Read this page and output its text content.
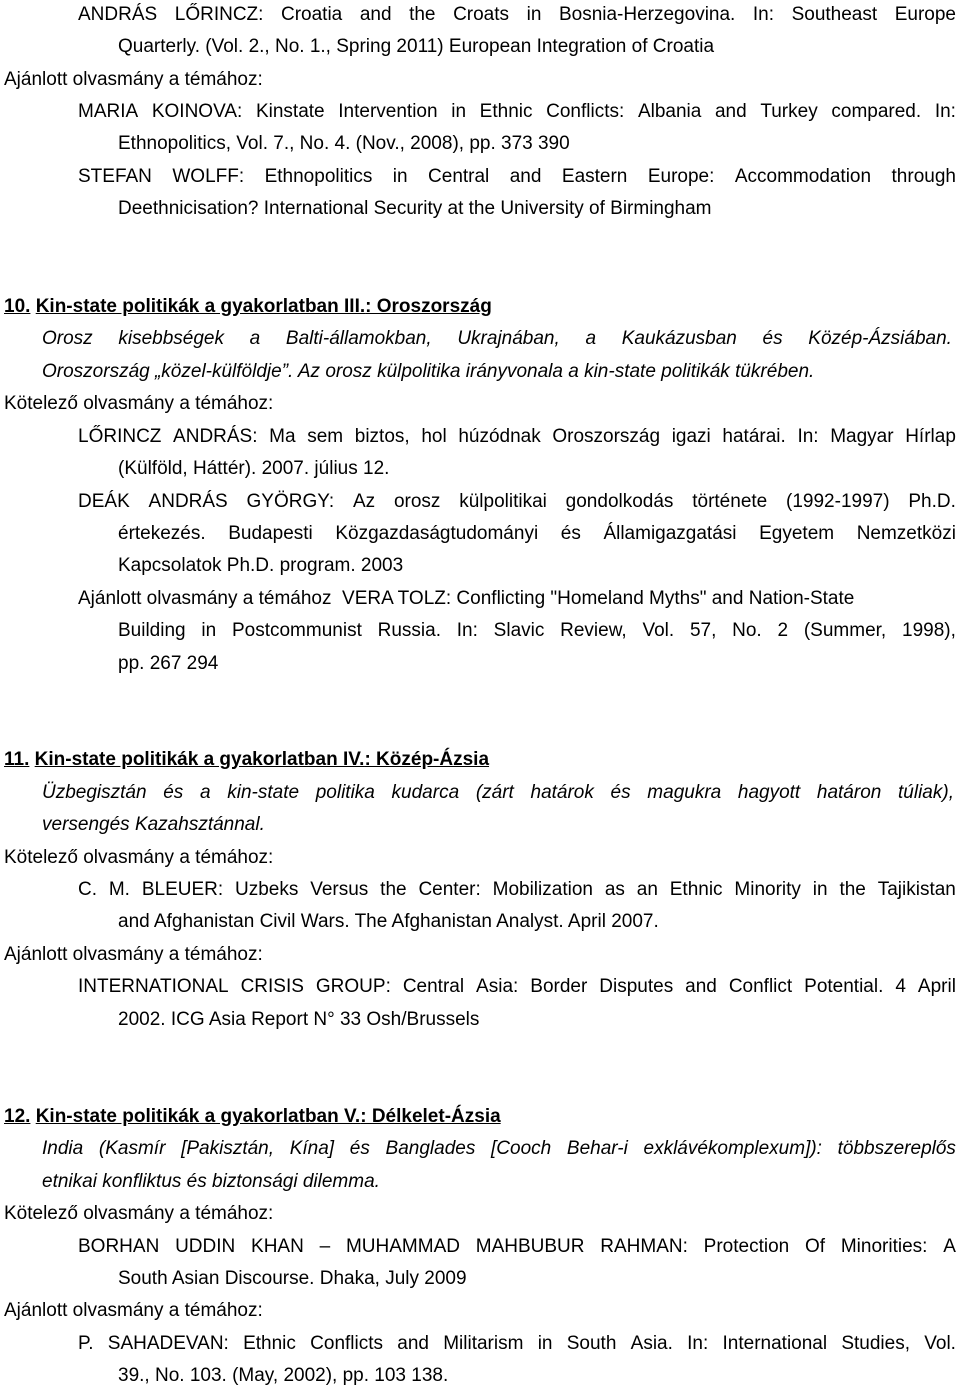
ANDRÁS LŐRINCZ: Croatia and the Croats in Bosnia-Herzegovina. In: Southeast Europe
Quarterly. (Vol. 2., No. 1., Spring 2011) European Integration of Croatia
Ajánlott olvasmány a témához:
MARIA KOINOVA: Kinstate Intervention in Ethnic Conflicts: Albania and Turkey compared. In:
Ethnopolitics, Vol. 7., No. 4. (Nov., 2008), pp. 373 390
STEFAN WOLFF: Ethnopolitics in Central and Eastern Europe: Accommodation through
Deethnicisation? International Security at the University of Birmingham
10. Kin-state politikák a gyakorlatban III.: Oroszország
Orosz kisebbségek a Balti-államokban, Ukrajnában, a Kaukázusban és Közép-Ázsiában.
Oroszország „közel-külföldje”. Az orosz külpolitika irányvonala a kin-state politikák tükrében.
Kötelező olvasmány a témához:
LŐRINCZ ANDRÁS: Ma sem biztos, hol húzódnak Oroszország igazi határai. In: Magyar Hírlap
(Külföld, Háttér). 2007. július 12.
DEÁK ANDRÁS GYÖRGY: Az orosz külpolitikai gondolkodás története (1992-1997) Ph.D.
értekezés. Budapesti Közgazdaságtudományi és Államigazgatási Egyetem Nemzetközi
Kapcsolatok Ph.D. program. 2003
Ajánlott olvasmány a témához VERA TOLZ: Conflicting "Homeland Myths" and Nation-State
Building in Postcommunist Russia. In: Slavic Review, Vol. 57, No. 2 (Summer, 1998),
pp. 267 294
11. Kin-state politikák a gyakorlatban IV.: Közép-Ázsia
Üzbegisztán és a kin-state politika kudarca (zárt határok és magukra hagyott határon túliak),
versengés Kazahsztánnal.
Kötelező olvasmány a témához:
C. M. BLEUER: Uzbeks Versus the Center: Mobilization as an Ethnic Minority in the Tajikistan
and Afghanistan Civil Wars. The Afghanistan Analyst. April 2007.
Ajánlott olvasmány a témához:
INTERNATIONAL CRISIS GROUP: Central Asia: Border Disputes and Conflict Potential. 4 April
2002. ICG Asia Report N° 33 Osh/Brussels
12. Kin-state politikák a gyakorlatban V.: Délkelet-Ázsia
India (Kasmír [Pakisztán, Kína] és Banglades [Cooch Behar-i exklávékomplexum]): többszereplős
etnikai konfliktus és biztonsági dilemma.
Kötelező olvasmány a témához:
BORHAN UDDIN KHAN – MUHAMMAD MAHBUBUR RAHMAN: Protection Of Minorities: A
South Asian Discourse. Dhaka, July 2009
Ajánlott olvasmány a témához:
P. SAHADEVAN: Ethnic Conflicts and Militarism in South Asia. In: International Studies, Vol.
39., No. 103. (May, 2002), pp. 103 138.
